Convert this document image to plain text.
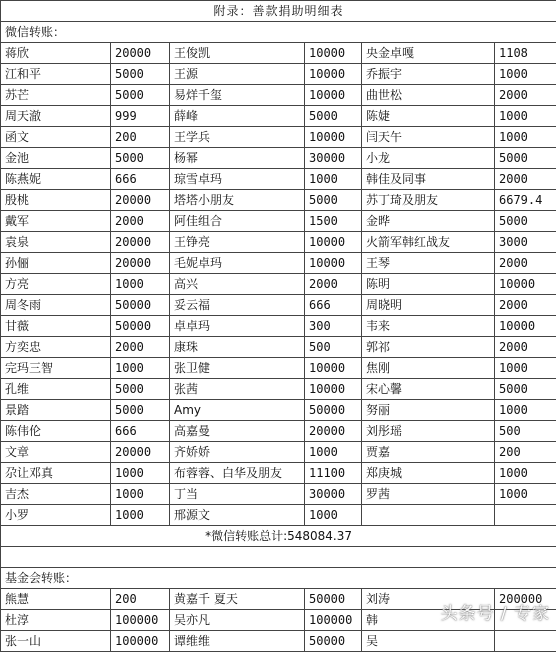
附录：善款捐助明细表					
微信转账：					
蒋欣	20000	王俊凯	10000	央金卓嘎	1108
江和平	5000	王源	10000	乔振宇	1000
苏芒	5000	易烊千玺	10000	曲世松	2000
周天澈	999	薛峰	5000	陈婕	1000
函文	200	王学兵	10000	闫天午	1000
金池	5000	杨幂	30000	小龙	5000
陈燕妮	666	琼雪卓玛	1000	韩佳及同事	2000
殷桃	20000	塔塔小朋友	5000	苏丁琦及朋友	6679.4
戴军	2000	阿佳组合	1500	金晔	5000
袁泉	20000	王铮亮	10000	火箭军韩红战友	3000
孙俪	20000	毛妮卓玛	10000	王琴	2000
方亮	1000	高兴	2000	陈明	10000
周冬雨	50000	妥云福	666	周晓明	2000
甘薇	50000	卓卓玛	300	韦来	10000
方奕忠	2000	康珠	500	郭祁	2000
完玛三智	1000	张卫健	10000	焦刚	1000
孔维	5000	张茜	10000	宋心馨	5000
景踏	5000	Amy	50000	努丽	1000
陈伟伦	666	高嘉曼	20000	刘彤瑶	500
文章	20000	齐娇娇	1000	贾嘉	200
尕让邓真	1000	布蓉蓉、白华及朋友	11100	郑庚城	1000
吉杰	1000	丁当	30000	罗茜	1000
小罗	1000	邢源文	1000		
*微信转账总计:548084.37					

基金会转账：					
熊慧	200	黄嘉千 夏天	50000	刘涛	200000
杜淳	100000	吴亦凡	100000	韩	
张一山	100000	谭维维	50000	吴	
头条号 / 专家
